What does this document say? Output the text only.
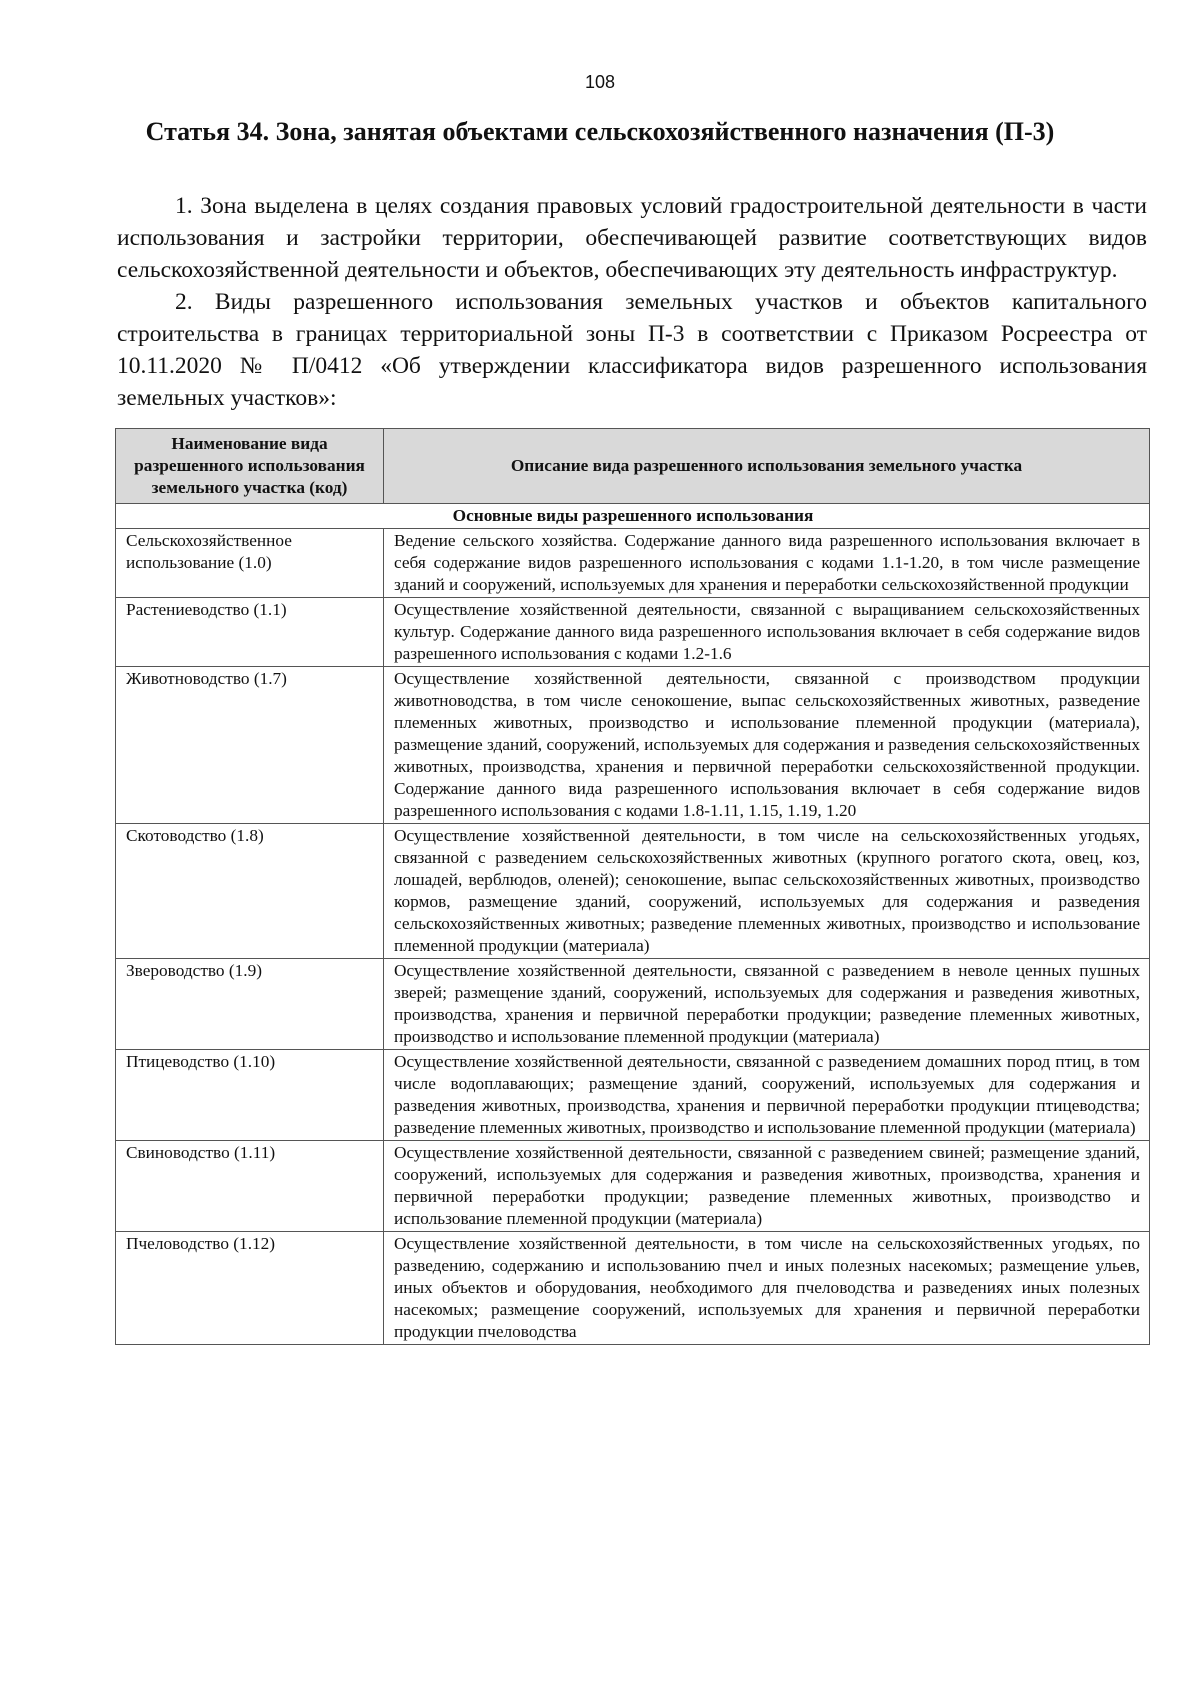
108
Статья 34. Зона, занятая объектами сельскохозяйственного назначения (П-3)

1. Зона выделена в целях создания правовых условий градостроительной деятельности в части использования и застройки территории, обеспечивающей развитие соответствующих видов сельскохозяйственной деятельности и объектов, обеспечивающих эту деятельность инфраструктур.

2. Виды разрешенного использования земельных участков и объектов капитального строительства в границах территориальной зоны П-3 в соответствии с Приказом Росреестра от 10.11.2020 № П/0412 «Об утверждении классификатора видов разрешенного использования земельных участков»:

Наименование вида разрешенного использования земельного участка (код)	Описание вида разрешенного использования земельного участка
Основные виды разрешенного использования	
Сельскохозяйственное использование (1.0)	Ведение сельского хозяйства. Содержание данного вида разрешенного использования включает в себя содержание видов разрешенного использования с кодами 1.1-1.20, в том числе размещение зданий и сооружений, используемых для хранения и переработки сельскохозяйственной продукции
Растениеводство (1.1)	Осуществление хозяйственной деятельности, связанной с выращиванием сельскохозяйственных культур. Содержание данного вида разрешенного использования включает в себя содержание видов разрешенного использования с кодами 1.2-1.6
Животноводство (1.7)	Осуществление хозяйственной деятельности, связанной с производством продукции животноводства, в том числе сенокошение, выпас сельскохозяйственных животных, разведение племенных животных, производство и использование племенной продукции (материала), размещение зданий, сооружений, используемых для содержания и разведения сельскохозяйственных животных, производства, хранения и первичной переработки сельскохозяйственной продукции. Содержание данного вида разрешенного использования включает в себя содержание видов разрешенного использования с кодами 1.8-1.11, 1.15, 1.19, 1.20
Скотоводство (1.8)	Осуществление хозяйственной деятельности, в том числе на сельскохозяйственных угодьях, связанной с разведением сельскохозяйственных животных (крупного рогатого скота, овец, коз, лошадей, верблюдов, оленей); сенокошение, выпас сельскохозяйственных животных, производство кормов, размещение зданий, сооружений, используемых для содержания и разведения сельскохозяйственных животных; разведение племенных животных, производство и использование племенной продукции (материала)
Звероводство (1.9)	Осуществление хозяйственной деятельности, связанной с разведением в неволе ценных пушных зверей; размещение зданий, сооружений, используемых для содержания и разведения животных, производства, хранения и первичной переработки продукции; разведение племенных животных, производство и использование племенной продукции (материала)
Птицеводство (1.10)	Осуществление хозяйственной деятельности, связанной с разведением домашних пород птиц, в том числе водоплавающих; размещение зданий, сооружений, используемых для содержания и разведения животных, производства, хранения и первичной переработки продукции птицеводства; разведение племенных животных, производство и использование племенной продукции (материала)
Свиноводство (1.11)	Осуществление хозяйственной деятельности, связанной с разведением свиней; размещение зданий, сооружений, используемых для содержания и разведения животных, производства, хранения и первичной переработки продукции; разведение племенных животных, производство и использование племенной продукции (материала)
Пчеловодство (1.12)	Осуществление хозяйственной деятельности, в том числе на сельскохозяйственных угодьях, по разведению, содержанию и использованию пчел и иных полезных насекомых; размещение ульев, иных объектов и оборудования, необходимого для пчеловодства и разведениях иных полезных насекомых; размещение сооружений, используемых для хранения и первичной переработки продукции пчеловодства
